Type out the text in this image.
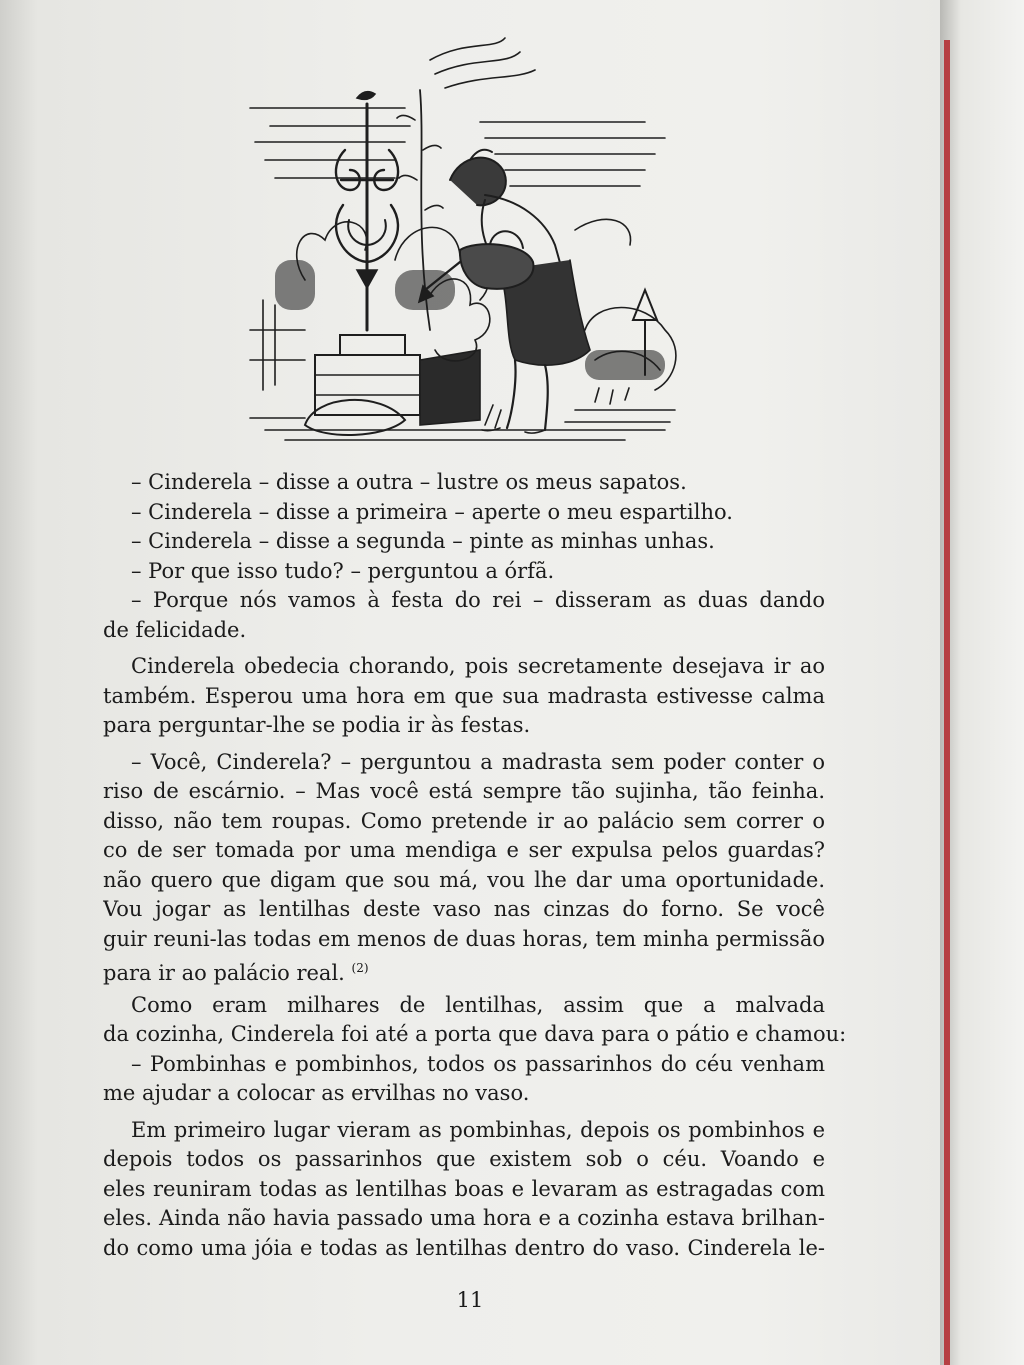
– Cinderela – disse a outra – lustre os meus sapatos.
– Cinderela – disse a primeira – aperte o meu espartilho.
– Cinderela – disse a segunda – pinte as minhas unhas.
– Por que isso tudo? – perguntou a órfã.
– Porque nós vamos à festa do rei – disseram as duas dando
de felicidade.
Cinderela obedecia chorando, pois secretamente desejava ir ao
também. Esperou uma hora em que sua madrasta estivesse calma
para perguntar-lhe se podia ir às festas.
– Você, Cinderela? – perguntou a madrasta sem poder conter o
riso de escárnio. – Mas você está sempre tão sujinha, tão feinha.
disso, não tem roupas. Como pretende ir ao palácio sem correr o
co de ser tomada por uma mendiga e ser expulsa pelos guardas?
não quero que digam que sou má, vou lhe dar uma oportunidade.
Vou jogar as lentilhas deste vaso nas cinzas do forno. Se você
guir reuni-las todas em menos de duas horas, tem minha permissão
para ir ao palácio real. $^{(2)}$
Como eram milhares de lentilhas, assim que a malvada
da cozinha, Cinderela foi até a porta que dava para o pátio e chamou:
– Pombinhas e pombinhos, todos os passarinhos do céu venham
me ajudar a colocar as ervilhas no vaso.
Em primeiro lugar vieram as pombinhas, depois os pombinhos e
depois todos os passarinhos que existem sob o céu. Voando e
eles reuniram todas as lentilhas boas e levaram as estragadas com
eles. Ainda não havia passado uma hora e a cozinha estava brilhan-
do como uma jóia e todas as lentilhas dentro do vaso. Cinderela le-
11
